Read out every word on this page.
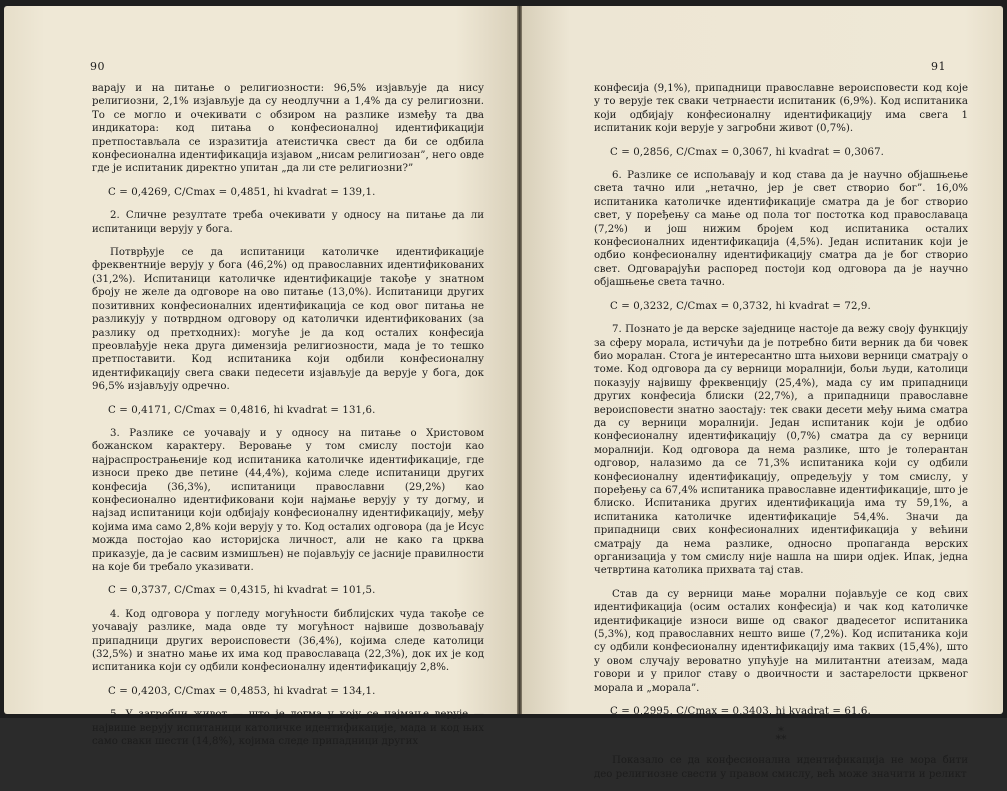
90

варају и на питање о религиозности: 96,5% изјављује да нису религиозни, 2,1% изјављује да су неодлучни а 1,4% да су религиозни. То се могло и очекивати с обзиром на разлике између та два индикатора: код питања о конфесионалној идентификацији претпостављала се изразитија атеистичка свест да би се одбила конфесионална идентификација изјавом „нисам религиозан”, него овде где је испитаник директно упитан „да ли сте религиозни?”

C = 0,4269, C/Cmax = 0,4851, hi kvadrat = 139,1.

2. Сличне резултате треба очекивати у односу на питање да ли испитаници верују у бога.

Потврђује се да испитаници католичке идентификације фреквентније верују у бога (46,2%) од православних идентификованих (31,2%). Испитаници католичке идентификације такође у знатном броју не желе да одговоре на ово питање (13,0%). Испитаници других позитивних конфесионалних идентификација се код овог питања не разликују у потврдном одговору од католички идентификованих (за разлику од претходних): могуће је да код осталих конфесија преовлађује нека друга димензија религиозности, мада је то тешко претпоставити. Код испитаника који одбили конфесионалну идентификацију свега сваки педесети изјављује да верује у бога, док 96,5% изјављују одречно.

C = 0,4171, C/Cmax = 0,4816, hi kvadrat = 131,6.

3. Разлике се уочавају и у односу на питање о Христовом божанском карактеру. Веровање у том смислу постоји као најраспрострањеније код испитаника католичке идентификације, где износи преко две петине (44,4%), којима следе испитаници других конфесија (36,3%), испитаници православни (29,2%) као конфесионално идентификовани који најмање верују у ту догму, и најзад испитаници који одбијају конфесионалну идентификацију, међу којима има само 2,8% који верују у то. Код осталих одговора (да је Исус можда постојао као историјска личност, али не како га црква приказује, да је сасвим измишљен) не појављују се јасније правилности на које би требало указивати.

C = 0,3737, C/Cmax = 0,4315, hi kvadrat = 101,5.

4. Код одговора у погледу могућности библијских чуда такође се уочавају разлике, мада овде ту могућност највише дозвољавају припадници других вероисповести (36,4%), којима следе католици (32,5%) и знатно мање их има код православаца (22,3%), док их је код испитаника који су одбили конфесионалну идентификацију 2,8%.

C = 0,4203, C/Cmax = 0,4853, hi kvadrat = 134,1.

5. У загробни живот — што је догма у коју се најмање верује — највише верују испитаници католичке идентификације, мада и код њих само сваки шести (14,8%), којима следе припадници других

91

конфесија (9,1%), припадници православне вероисповести код које у то верује тек сваки четрнаести испитаник (6,9%). Код испитаника који одбијају конфесионалну идентификацију има свега 1 испитаник који верује у загробни живот (0,7%).

C = 0,2856, C/Cmax = 0,3067, hi kvadrat = 0,3067.

6. Разлике се испољавају и код става да је научно објашњење света тачно или „нетачно, јер је свет створио бог”. 16,0% испитаника католичке идентификације сматра да је бог створио свет, у поређењу са мање од пола тог постотка код православаца (7,2%) и још нижим бројем код испитаника осталих конфесионалних идентификација (4,5%). Један испитаник који је одбио конфесионалну идентификацију сматра да је бог створио свет. Одговарајући распоред постоји код одговора да је научно објашњење света тачно.

C = 0,3232, C/Cmax = 0,3732, hi kvadrat = 72,9.

7. Познато је да верске заједнице настоје да вежу своју функцију за сферу морала, истичући да је потребно бити верник да би човек био моралан. Стога је интересантно шта њихови верници сматрају о томе. Код одговора да су верници моралнији, бољи људи, католици показују највишу фреквенцију (25,4%), мада су им припадници других конфесија блиски (22,7%), а припадници православне вероисповести знатно заостају: тек сваки десети међу њима сматра да су верници моралнији. Један испитаник који је одбио конфесионалну идентификацију (0,7%) сматра да су верници моралнији. Код одговора да нема разлике, што је толерантан одговор, налазимо да се 71,3% испитаника који су одбили конфесионалну идентификацију, опредељују у том смислу, у поређењу са 67,4% испитаника православне идентификације, што је блиско. Испитаника других идентификација има ту 59,1%, а испитаника католичке идентификације 54,4%. Значи да припадници свих конфесионалних идентификација у већини сматрају да нема разлике, односно пропаганда верских организација у том смислу није нашла на шири одјек. Ипак, једна четвртина католика прихвата тај став.

Став да су верници мање морални појављује се код свих идентификација (осим осталих конфесија) и чак код католичке идентификације износи више од сваког двадесетог испитаника (5,3%), код православних нешто више (7,2%). Код испитаника који су одбили конфесионалну идентификацију има таквих (15,4%), што у овом случају вероватно упућује на милитантни атеизам, мада говори и у прилог ставу о двоичности и застарелости црквеног морала и „морала”.

C = 0,2995, C/Cmax = 0,3403, hi kvadrat = 61,6.

*
**

Показало се да конфесионална идентификација не мора бити део религиозне свести у правом смислу, већ може значити и реликт
